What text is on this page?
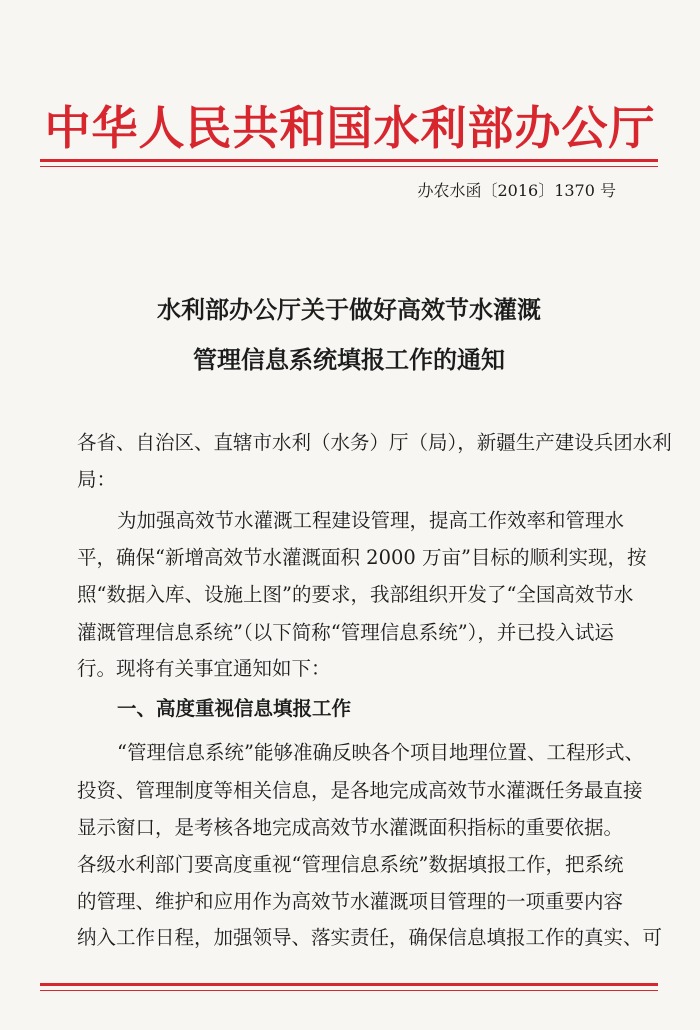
中华人民共和国水利部办公厅
办农水函〔2016〕1370 号
水利部办公厅关于做好高效节水灌溉
管理信息系统填报工作的通知
各省、自治区、直辖市水利（水务）厅（局），新疆生产建设兵团水利
局：
为加强高效节水灌溉工程建设管理，提高工作效率和管理水
平，确保“新增高效节水灌溉面积 2000 万亩”目标的顺利实现，按
照“数据入库、设施上图”的要求，我部组织开发了“全国高效节水
灌溉管理信息系统”（以下简称“管理信息系统”），并已投入试运
行。现将有关事宜通知如下：
一、高度重视信息填报工作
“管理信息系统”能够准确反映各个项目地理位置、工程形式、
投资、管理制度等相关信息，是各地完成高效节水灌溉任务最直接
显示窗口，是考核各地完成高效节水灌溉面积指标的重要依据。
各级水利部门要高度重视“管理信息系统”数据填报工作，把系统
的管理、维护和应用作为高效节水灌溉项目管理的一项重要内容
纳入工作日程，加强领导、落实责任，确保信息填报工作的真实、可
